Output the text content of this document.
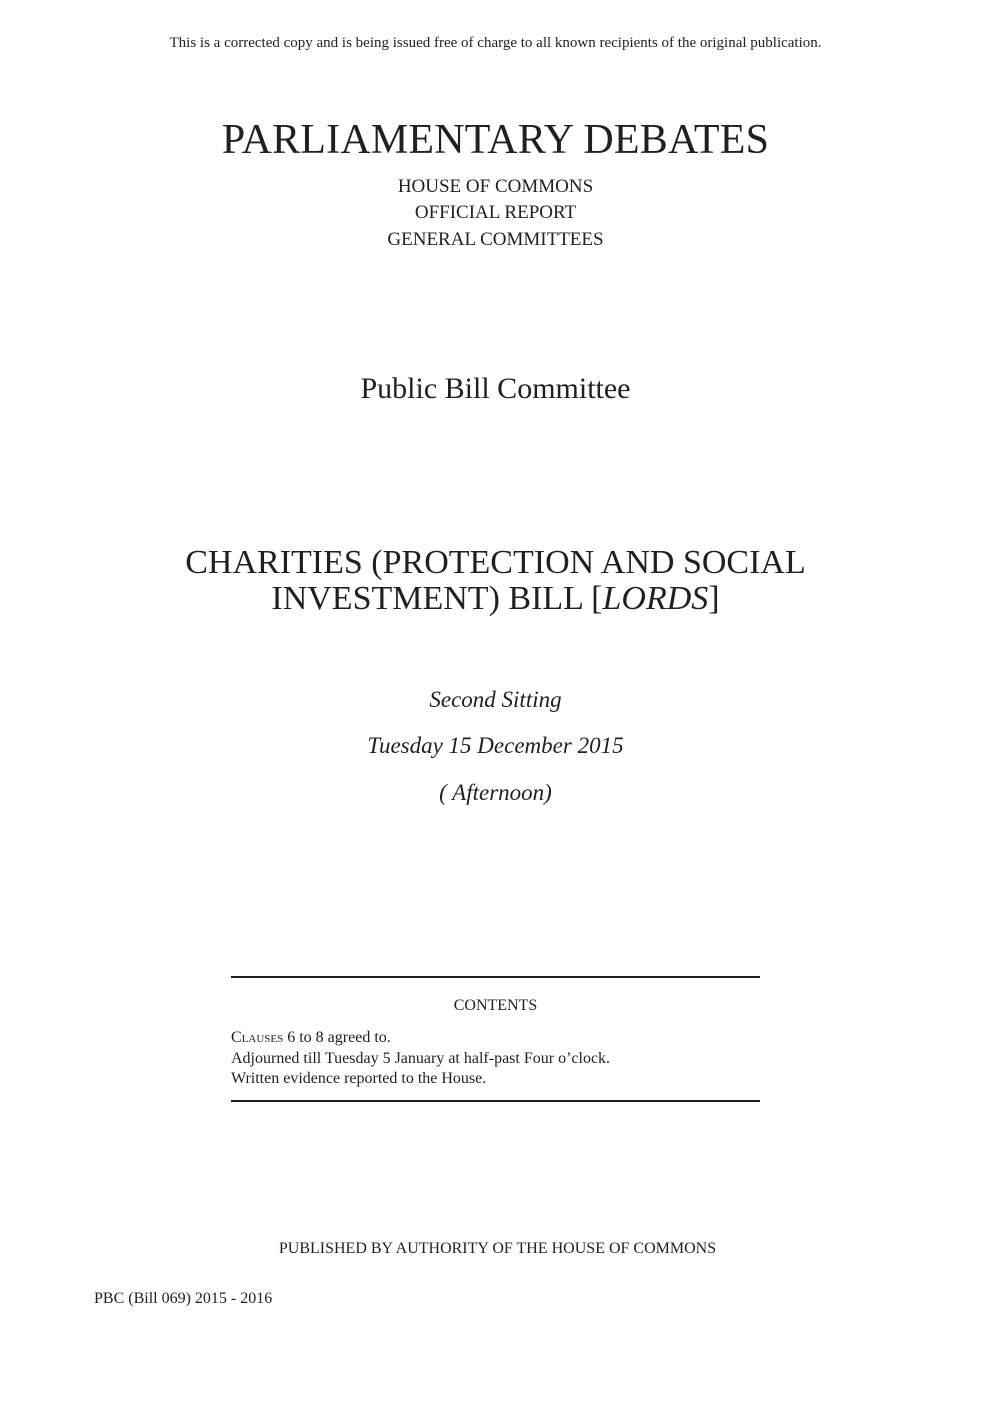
This is a corrected copy and is being issued free of charge to all known recipients of the original publication.
PARLIAMENTARY DEBATES
HOUSE OF COMMONS
OFFICIAL REPORT
GENERAL COMMITTEES
Public Bill Committee
CHARITIES (PROTECTION AND SOCIAL
INVESTMENT) BILL [LORDS]
Second Sitting
Tuesday 15 December 2015
( Afternoon)
CONTENTS
Clauses 6 to 8 agreed to.
Adjourned till Tuesday 5 January at half-past Four o’clock.
Written evidence reported to the House.
PUBLISHED BY AUTHORITY OF THE HOUSE OF COMMONS
PBC (Bill 069) 2015 - 2016
